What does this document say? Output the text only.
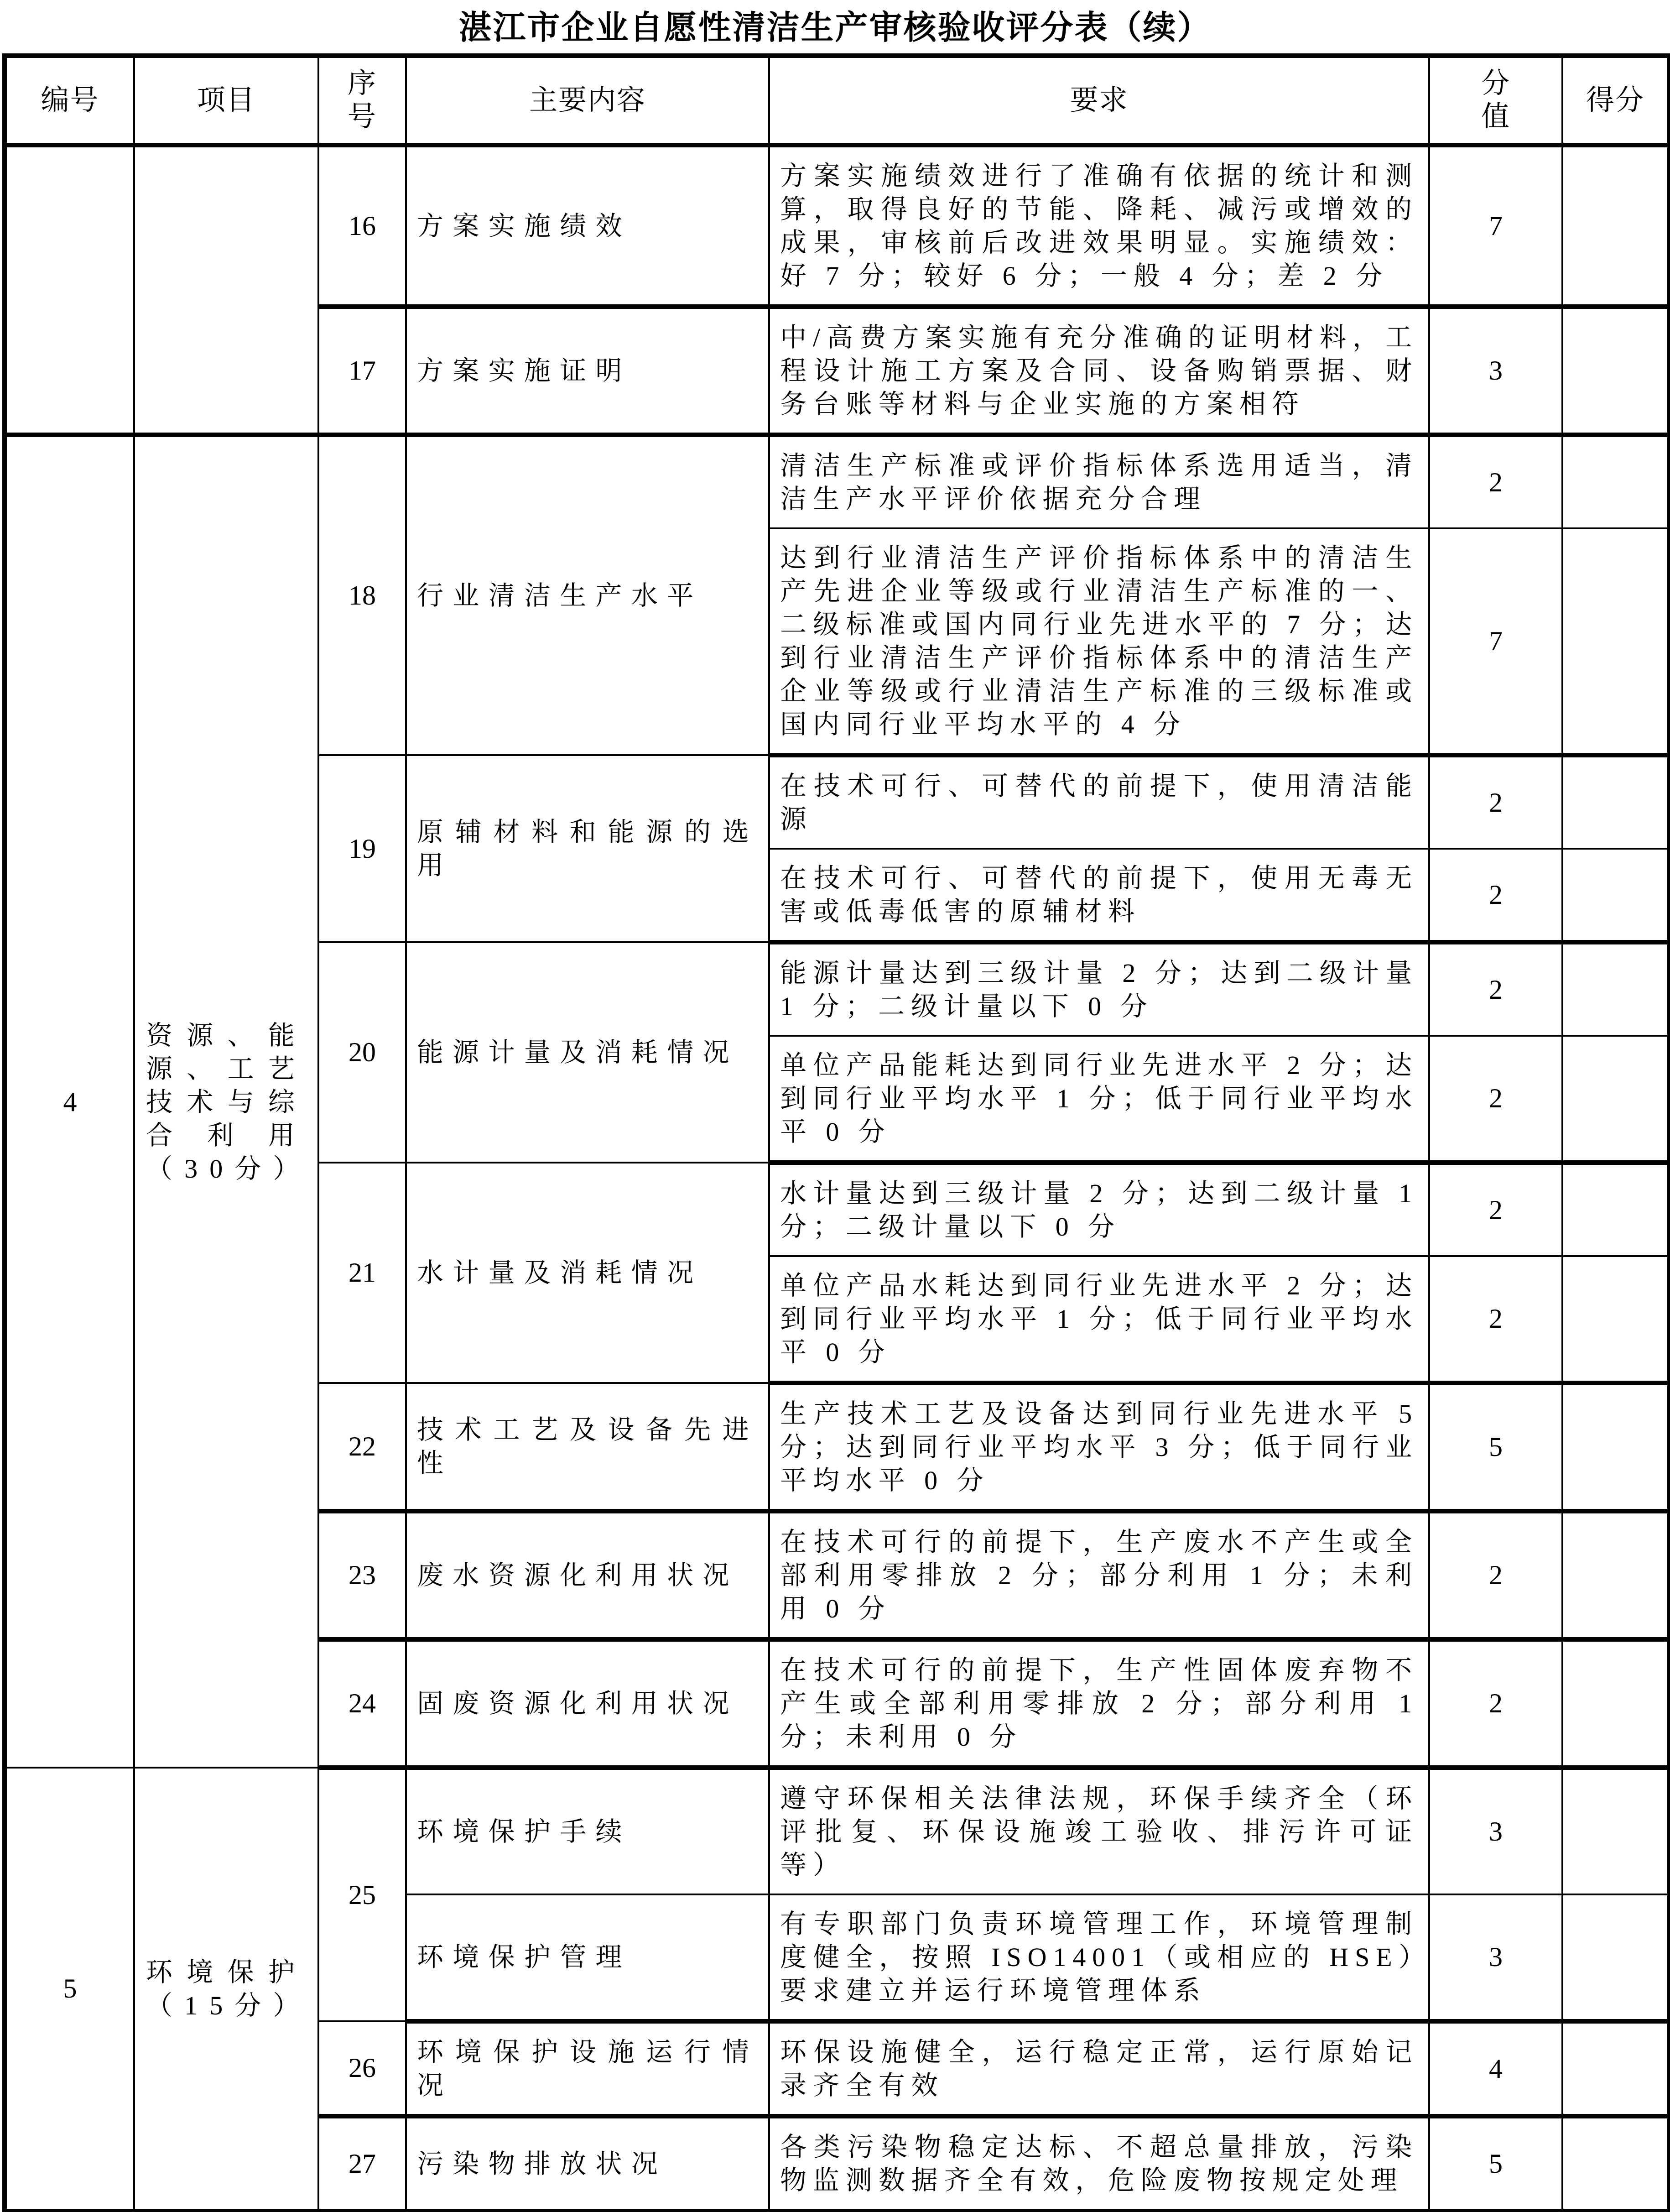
湛江市企业自愿性清洁生产审核验收评分表（续）
编号	项目	序号	主要内容	要求	分值	得分
		16	方案实施绩效	方案实施绩效进行了准确有依据的统计和测算，取得良好的节能、降耗、减污或增效的成果，审核前后改进效果明显。实施绩效：好 7 分；较好 6 分；一般 4 分；差 2 分	7	
		17	方案实施证明	中/高费方案实施有充分准确的证明材料，工程设计施工方案及合同、设备购销票据、财务台账等材料与企业实施的方案相符	3	
4	资源、能源、工艺技术与综合利用（30分）	18	行业清洁生产水平	清洁生产标准或评价指标体系选用适当，清洁生产水平评价依据充分合理	2	
				达到行业清洁生产评价指标体系中的清洁生产先进企业等级或行业清洁生产标准的一、二级标准或国内同行业先进水平的 7 分；达到行业清洁生产评价指标体系中的清洁生产企业等级或行业清洁生产标准的三级标准或国内同行业平均水平的 4 分	7	
		19	原辅材料和能源的选用	在技术可行、可替代的前提下，使用清洁能源	2	
				在技术可行、可替代的前提下，使用无毒无害或低毒低害的原辅材料	2	
		20	能源计量及消耗情况	能源计量达到三级计量 2 分；达到二级计量 1 分；二级计量以下 0 分	2	
				单位产品能耗达到同行业先进水平 2 分；达到同行业平均水平 1 分；低于同行业平均水平 0 分	2	
		21	水计量及消耗情况	水计量达到三级计量 2 分；达到二级计量 1 分；二级计量以下 0 分	2	
				单位产品水耗达到同行业先进水平 2 分；达到同行业平均水平 1 分；低于同行业平均水平 0 分	2	
		22	技术工艺及设备先进性	生产技术工艺及设备达到同行业先进水平 5 分；达到同行业平均水平 3 分；低于同行业平均水平 0 分	5	
		23	废水资源化利用状况	在技术可行的前提下，生产废水不产生或全部利用零排放 2 分；部分利用 1 分；未利用 0 分	2	
		24	固废资源化利用状况	在技术可行的前提下，生产性固体废弃物不产生或全部利用零排放 2 分；部分利用 1 分；未利用 0 分	2	
5	环境保护（15分）	25	环境保护手续	遵守环保相关法律法规，环保手续齐全（环评批复、环保设施竣工验收、排污许可证等）	3	
			环境保护管理	有专职部门负责环境管理工作，环境管理制度健全，按照 ISO14001（或相应的 HSE）要求建立并运行环境管理体系	3	
		26	环境保护设施运行情况	环保设施健全，运行稳定正常，运行原始记录齐全有效	4	
		27	污染物排放状况	各类污染物稳定达标、不超总量排放，污染物监测数据齐全有效，危险废物按规定处理	5	
